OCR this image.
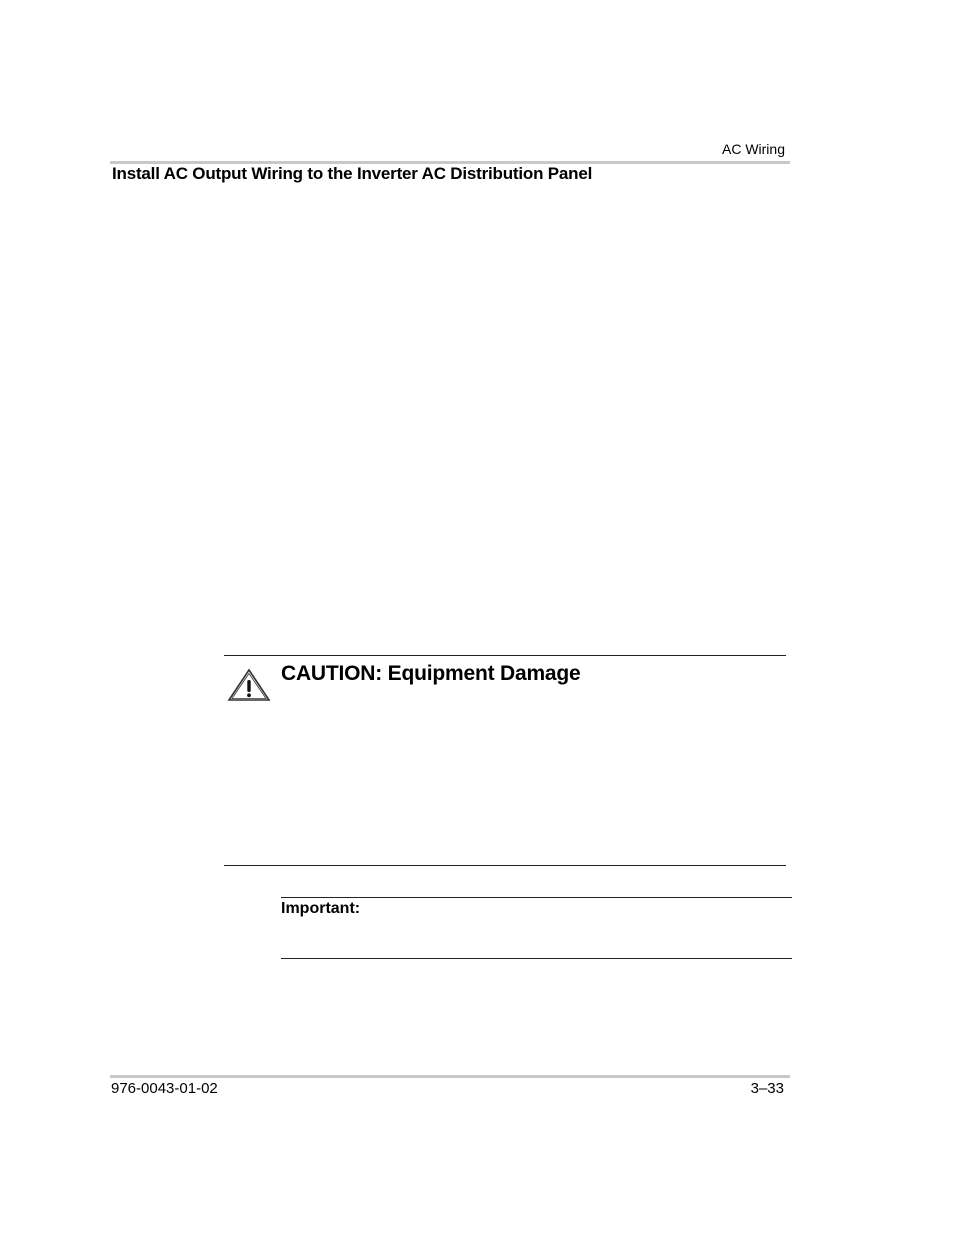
AC Wiring
Install AC Output Wiring to the Inverter AC Distribution Panel
CAUTION: Equipment Damage
Important:
976-0043-01-02	3–33
